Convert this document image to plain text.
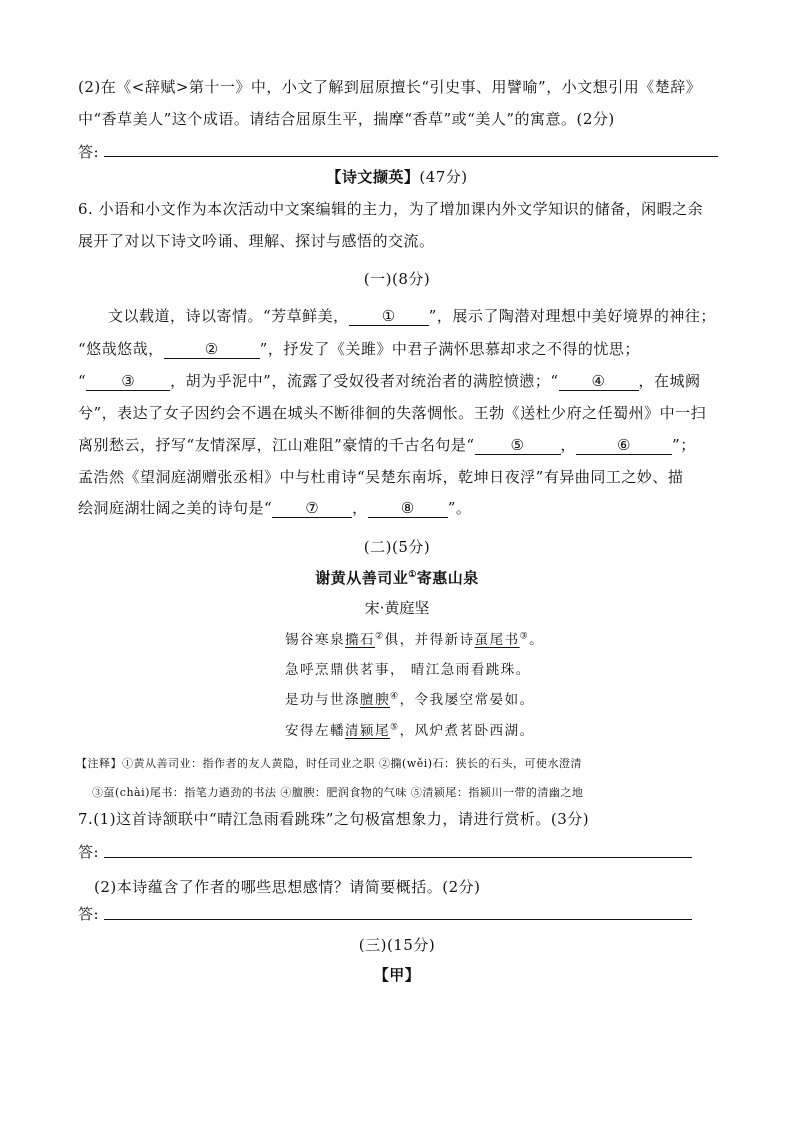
(2)在《<辞赋>第十一》中，小文了解到屈原擅长“引史事、用譬喻”，小文想引用《楚辞》
中“香草美人”这个成语。请结合屈原生平，揣摩“香草”或“美人”的寓意。(2分)
答:
【诗文撷英】(47分)
6. 小语和小文作为本次活动中文案编辑的主力，为了增加课内外文学知识的储备，闲暇之余
展开了对以下诗文吟诵、理解、探讨与感悟的交流。
(一)(8分)
文以载道，诗以寄情。“芳草鲜美， ① ”，展示了陶潜对理想中美好境界的神往；
“悠哉悠哉，	②	”，抒发了《关雎》中君子满怀思慕却求之不得的忧思；
“ ③ ，胡为乎泥中”，流露了受奴役者对统治者的满腔愤懑；“ ④ ，在城阙
兮”，表达了女子因约会不遇在城头不断徘徊的失落惆怅。王勃《送杜少府之任蜀州》中一扫
离别愁云，抒写“友情深厚，江山难阻”豪情的千古名句是“ ⑤ ，	⑥	”；
孟浩然《望洞庭湖赠张丞相》中与杜甫诗“吴楚东南坼，乾坤日夜浮”有异曲同工之妙、描
绘洞庭湖壮阔之美的诗句是“ ⑦ ， ⑧ ”。
(二)(5分)
谢黄从善司业①寄惠山泉
宋·黄庭坚
锡谷寒泉撱石②俱，并得新诗虿尾书③。
急呼烹鼎供茗事， 晴江急雨看跳珠。
是功与世涤膻腴④，令我屡空常晏如。
安得左轓清颍尾⑤，风炉煮茗卧西湖。
【注释】①黄从善司业：指作者的友人黄隐，时任司业之职 ②撱(wěi)石：狭长的石头，可使水澄清
③虿(chài)尾书：指笔力遒劲的书法 ④膻腴：肥润食物的气味 ⑤清颍尾：指颍川一带的清幽之地
7.(1)这首诗颔联中“晴江急雨看跳珠”之句极富想象力，请进行赏析。(3分)
答:
(2)本诗蕴含了作者的哪些思想感情？请简要概括。(2分)
答:
(三)(15分)
【甲】
